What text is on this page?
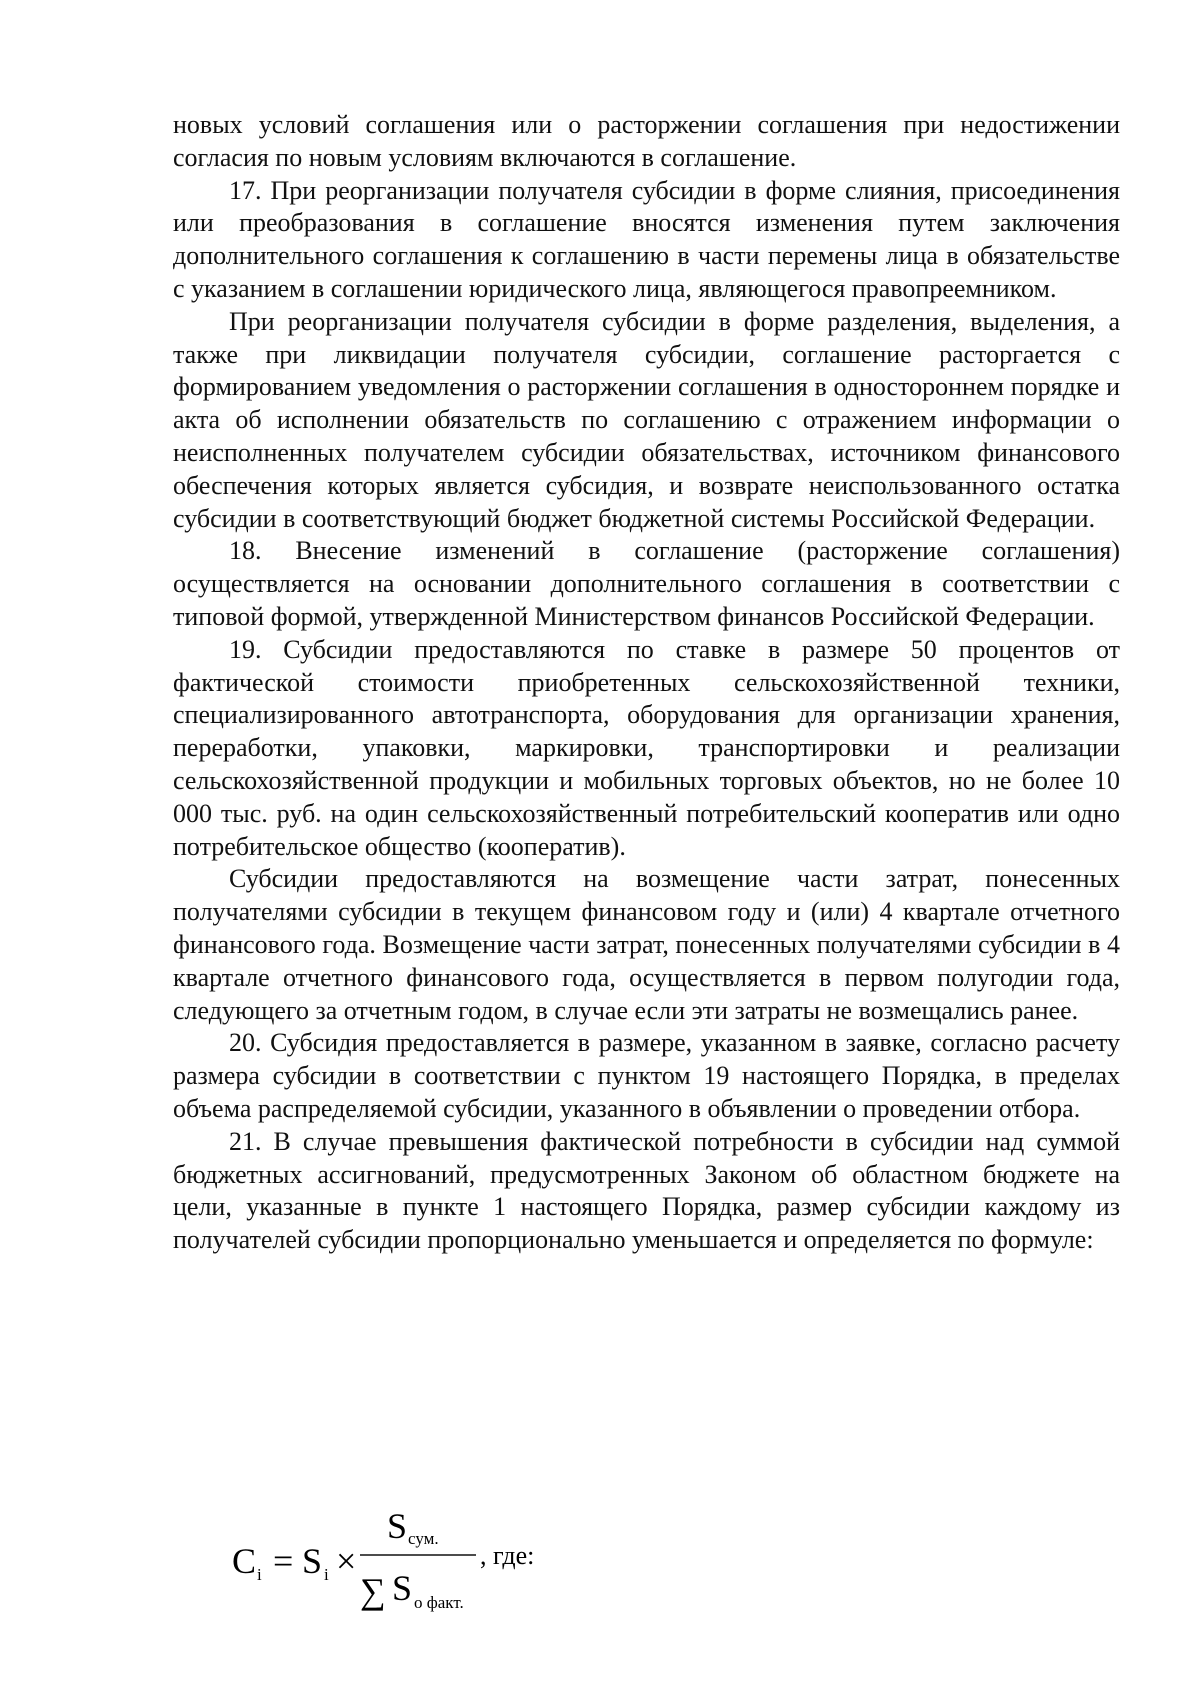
новых условий соглашения или о расторжении соглашения при недостижении согласия по новым условиям включаются в соглашение.

17. При реорганизации получателя субсидии в форме слияния, присоединения или преобразования в соглашение вносятся изменения путем заключения дополнительного соглашения к соглашению в части перемены лица в обязательстве с указанием в соглашении юридического лица, являющегося правопреемником.

При реорганизации получателя субсидии в форме разделения, выделения, а также при ликвидации получателя субсидии, соглашение расторгается с формированием уведомления о расторжении соглашения в одностороннем порядке и акта об исполнении обязательств по соглашению с отражением информации о неисполненных получателем субсидии обязательствах, источником финансового обеспечения которых является субсидия, и возврате неиспользованного остатка субсидии в соответствующий бюджет бюджетной системы Российской Федерации.

18. Внесение изменений в соглашение (расторжение соглашения) осуществляется на основании дополнительного соглашения в соответствии с типовой формой, утвержденной Министерством финансов Российской Федерации.

19. Субсидии предоставляются по ставке в размере 50 процентов от фактической стоимости приобретенных сельскохозяйственной техники, специализированного автотранспорта, оборудования для организации хранения, переработки, упаковки, маркировки, транспортировки и реализации сельскохозяйственной продукции и мобильных торговых объектов, но не более 10 000 тыс. руб. на один сельскохозяйственный потребительский кооператив или одно потребительское общество (кооператив).

Субсидии предоставляются на возмещение части затрат, понесенных получателями субсидии в текущем финансовом году и (или) 4 квартале отчетного финансового года. Возмещение части затрат, понесенных получателями субсидии в 4 квартале отчетного финансового года, осуществляется в первом полугодии года, следующего за отчетным годом, в случае если эти затраты не возмещались ранее.

20. Субсидия предоставляется в размере, указанном в заявке, согласно расчету размера субсидии в соответствии с пунктом 19 настоящего Порядка, в пределах объема распределяемой субсидии, указанного в объявлении о проведении отбора.

21. В случае превышения фактической потребности в субсидии над суммой бюджетных ассигнований, предусмотренных Законом об областном бюджете на цели, указанные в пункте 1 настоящего Порядка, размер субсидии каждому из получателей субсидии пропорционально уменьшается и определяется по формуле:

C i = S i ×
S сум.
∑ S о факт.
, где:
